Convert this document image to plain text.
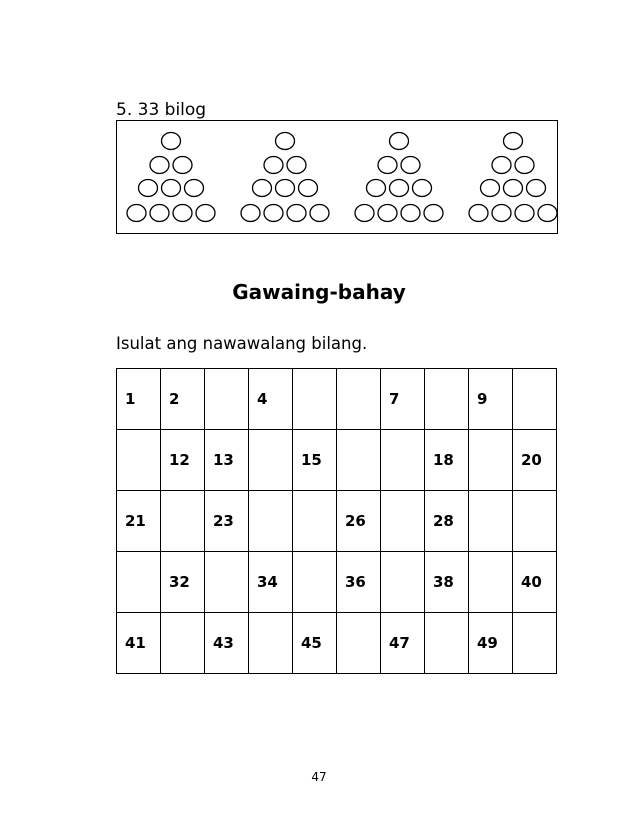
5. 33 bilog
Gawaing-bahay
Isulat ang nawawalang bilang.
1	2		4			7		9	
	12	13		15			18		20
21		23			26		28		
	32		34		36		38		40
41		43		45		47		49	
47
